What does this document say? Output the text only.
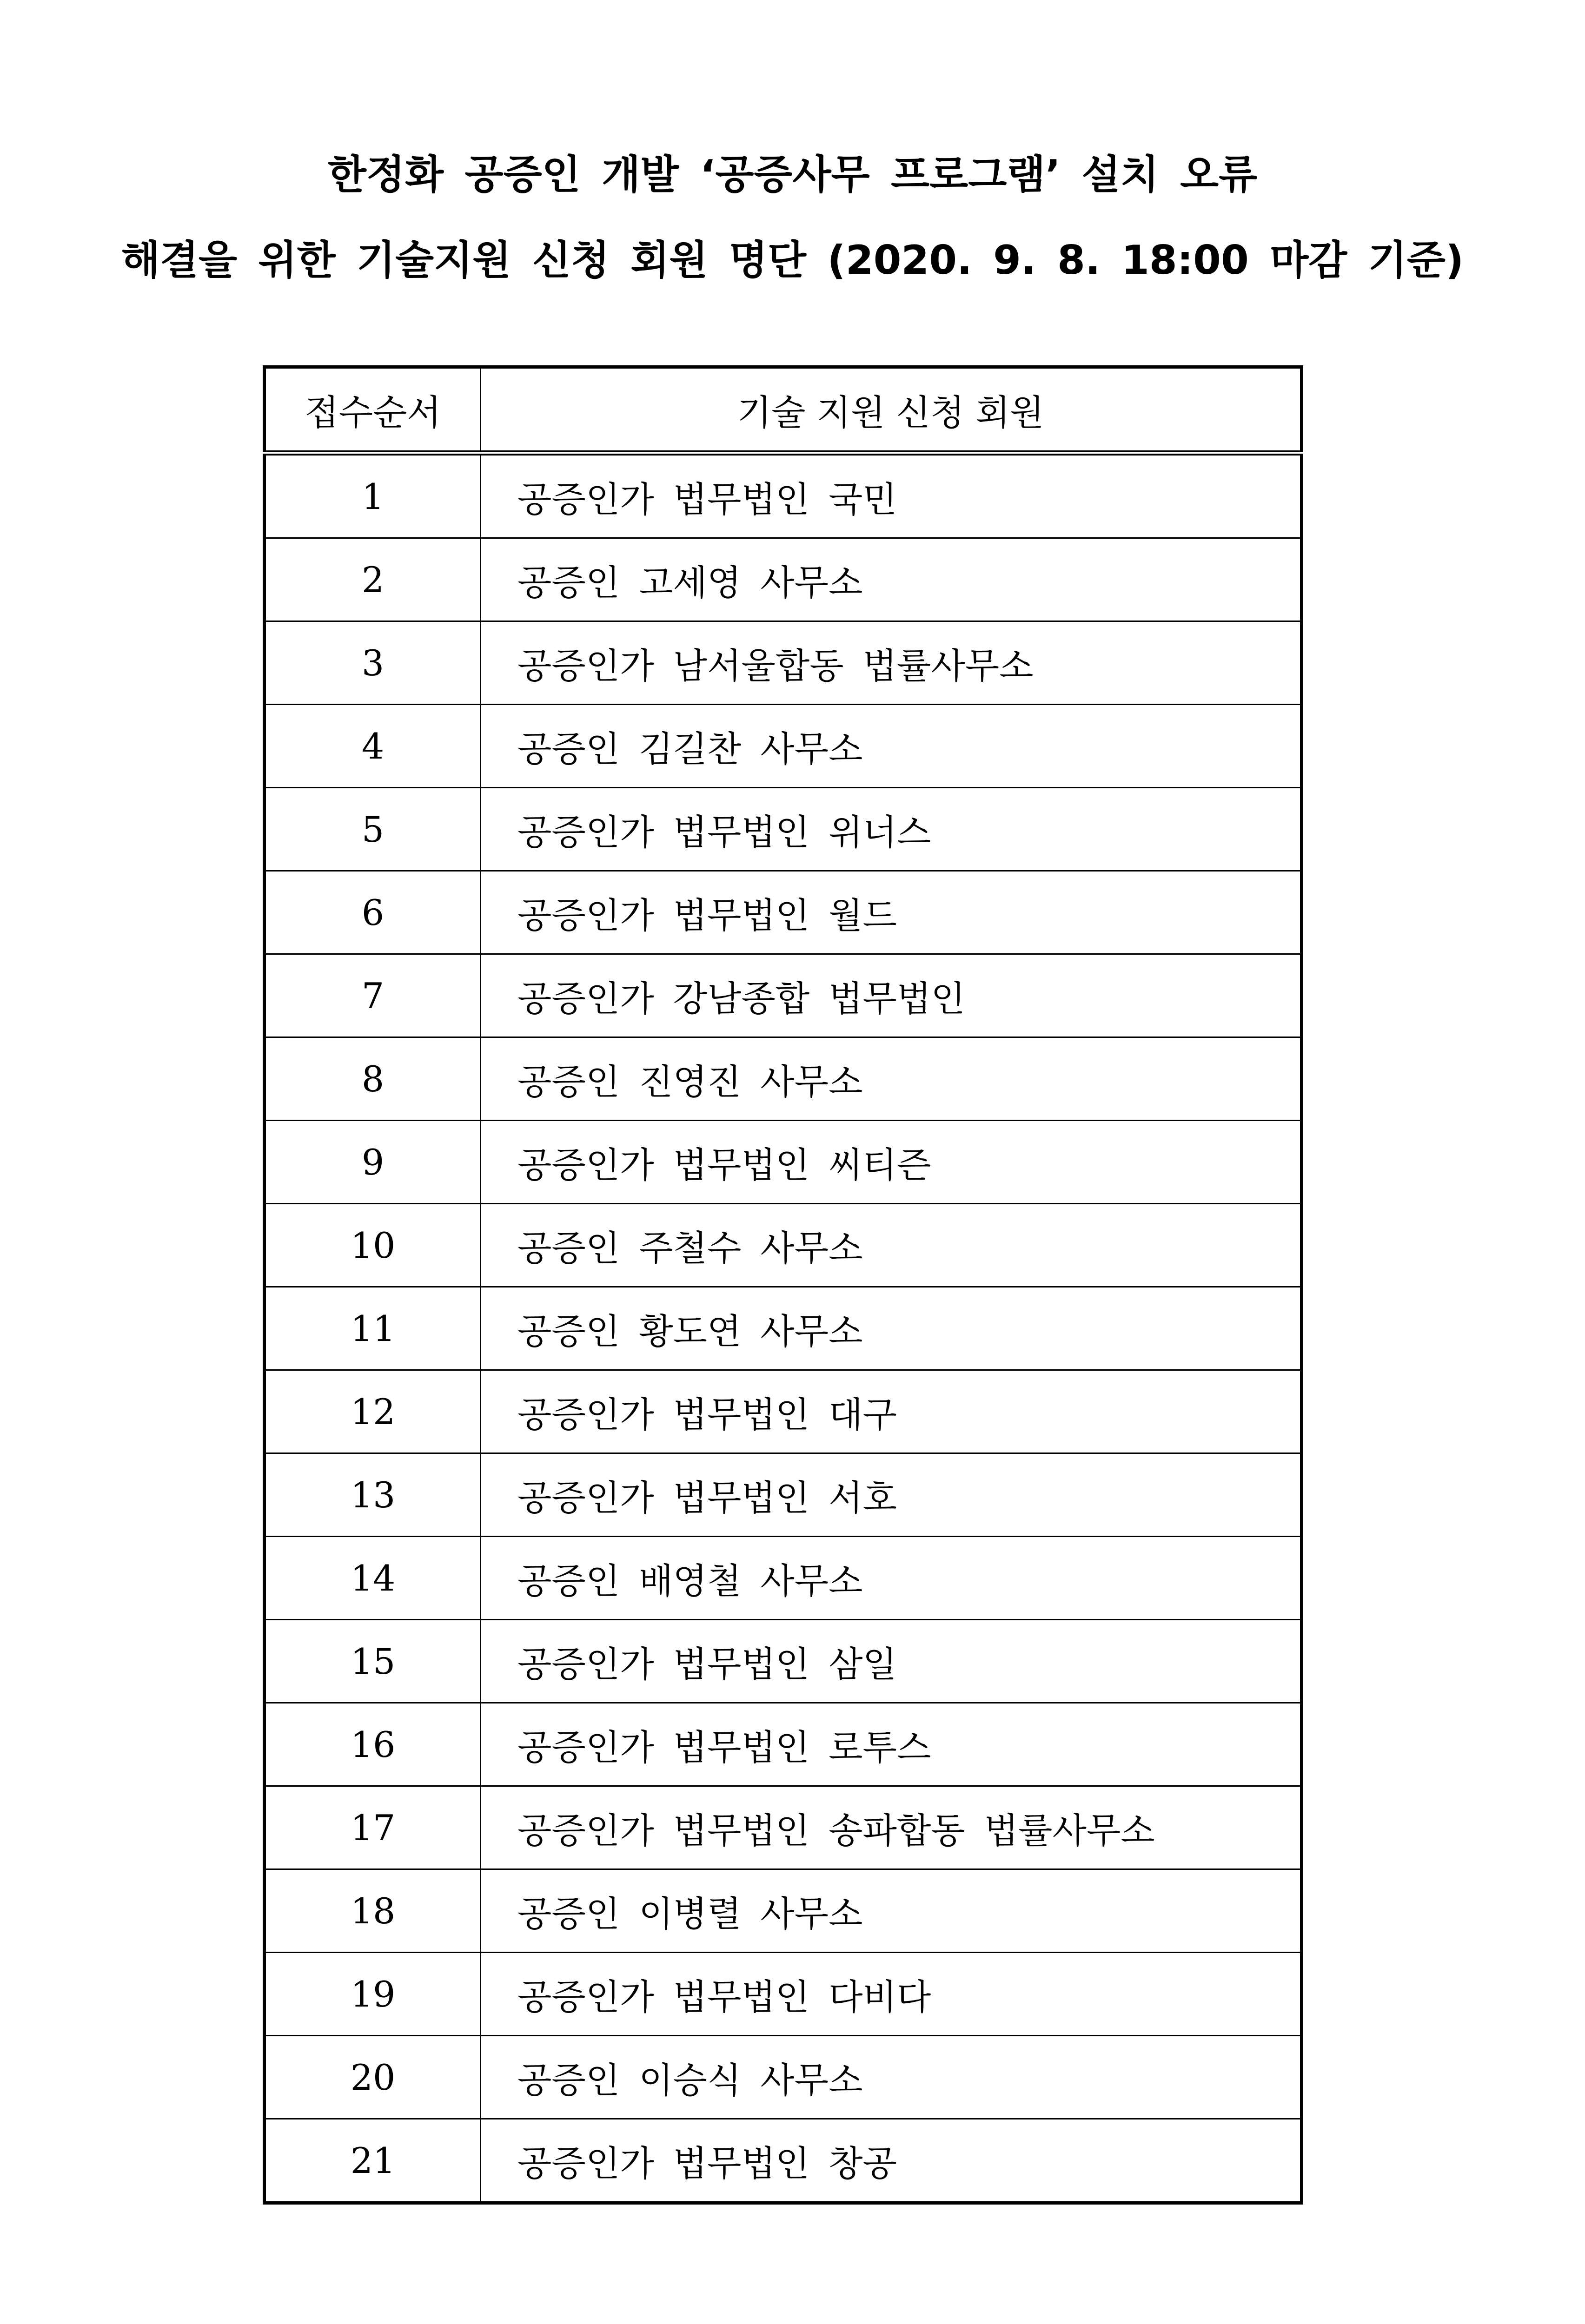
한정화 공증인 개발 ‘공증사무 프로그램’ 설치 오류
해결을 위한 기술지원 신청 회원 명단 (2020. 9. 8. 18:00 마감 기준)
접수순서	기술 지원 신청 회원
1	공증인가 법무법인 국민
2	공증인 고세영 사무소
3	공증인가 남서울합동 법률사무소
4	공증인 김길찬 사무소
5	공증인가 법무법인 위너스
6	공증인가 법무법인 월드
7	공증인가 강남종합 법무법인
8	공증인 진영진 사무소
9	공증인가 법무법인 씨티즌
10	공증인 주철수 사무소
11	공증인 황도연 사무소
12	공증인가 법무법인 대구
13	공증인가 법무법인 서호
14	공증인 배영철 사무소
15	공증인가 법무법인 삼일
16	공증인가 법무법인 로투스
17	공증인가 법무법인 송파합동 법률사무소
18	공증인 이병렬 사무소
19	공증인가 법무법인 다비다
20	공증인 이승식 사무소
21	공증인가 법무법인 창공
